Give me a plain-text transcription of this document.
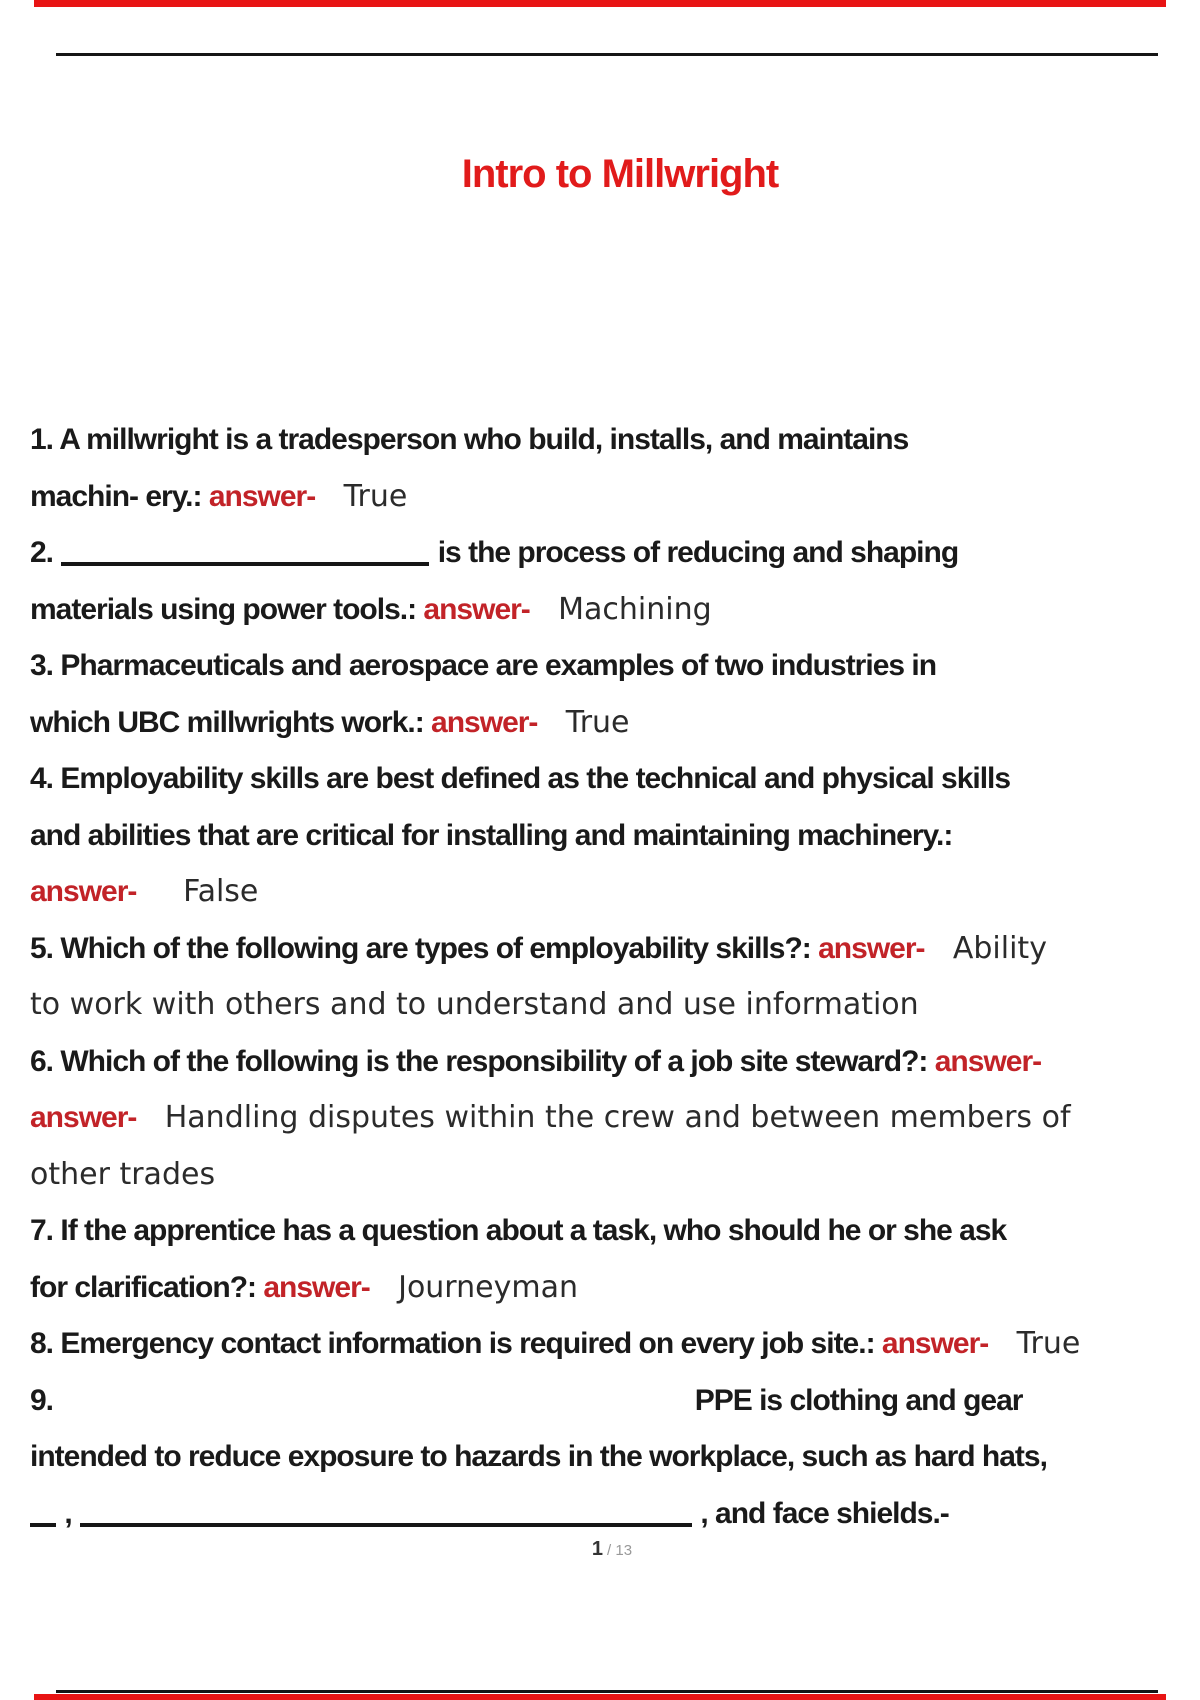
Intro to Millwright
1. A millwright is a tradesperson who build, installs, and maintains
machin- ery.: answer- True
2.	is the process of reducing and shaping
materials using power tools.: answer- Machining
3. Pharmaceuticals and aerospace are examples of two industries in
which UBC millwrights work.: answer- True
4. Employability skills are best defined as the technical and physical skills
and abilities that are critical for installing and maintaining machinery.:
answer- False
5. Which of the following are types of employability skills?: answer- Ability
to work with others and to understand and use information
6. Which of the following is the responsibility of a job site steward?: answer-
answer- Handling disputes within the crew and between members of
other trades
7. If the apprentice has a question about a task, who should he or she ask
for clarification?: answer- Journeyman
8. Emergency contact information is required on every job site.: answer- True
9.	PPE is clothing and gear
intended to reduce exposure to hazards in the workplace, such as hard hats,
,	, and face shields.-
1 / 13
